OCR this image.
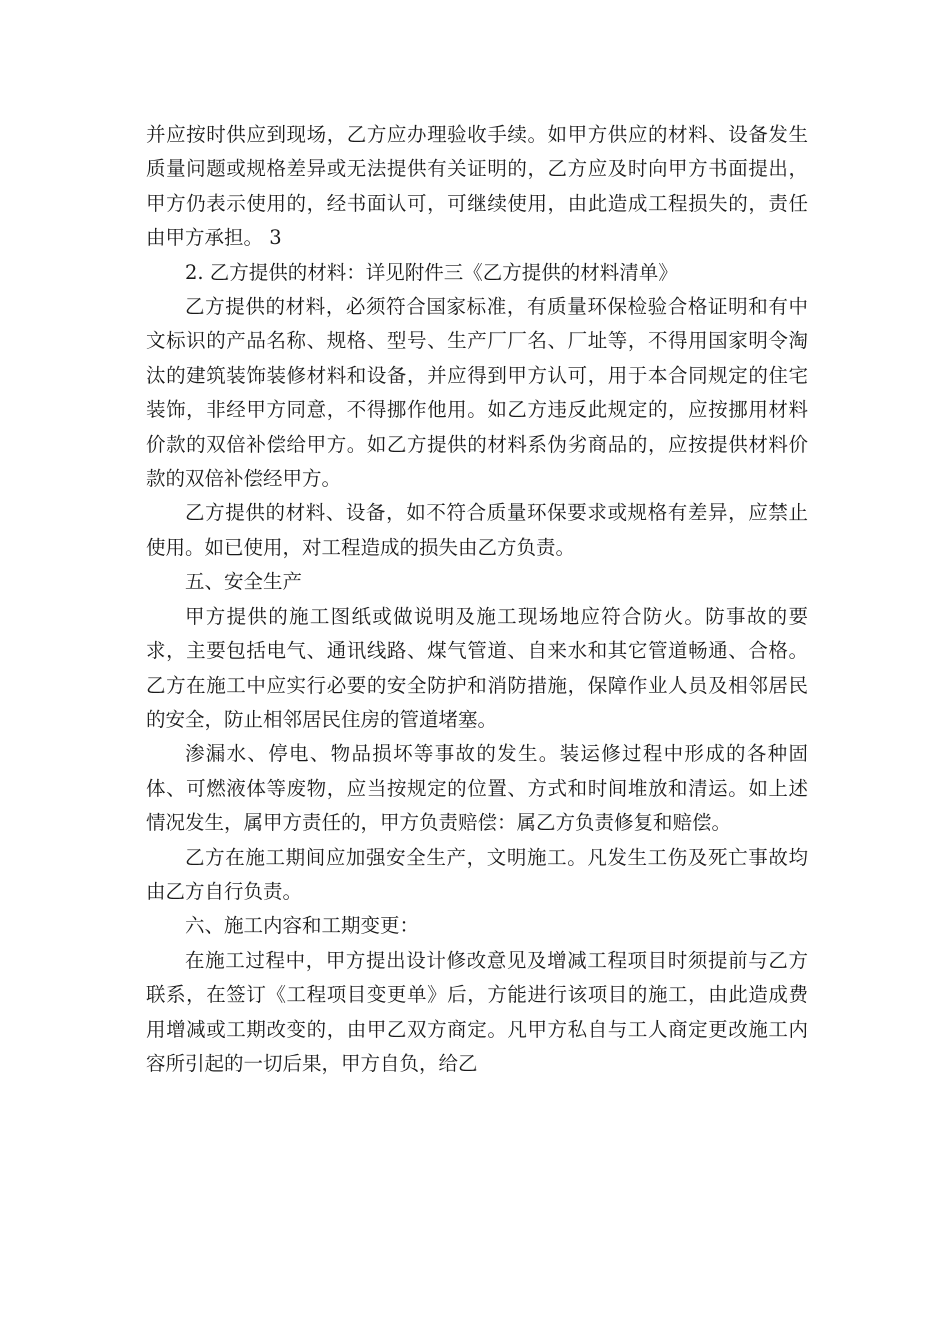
并应按时供应到现场，乙方应办理验收手续。如甲方供应的材料、设备发生质量问题或规格差异或无法提供有关证明的，乙方应及时向甲方书面提出，甲方仍表示使用的，经书面认可，可继续使用，由此造成工程损失的，责任由甲方承担。 3

2. 乙方提供的材料：详见附件三《乙方提供的材料清单》

乙方提供的材料，必须符合国家标准，有质量环保检验合格证明和有中文标识的产品名称、规格、型号、生产厂厂名、厂址等，不得用国家明令淘汰的建筑装饰装修材料和设备，并应得到甲方认可，用于本合同规定的住宅装饰，非经甲方同意，不得挪作他用。如乙方违反此规定的，应按挪用材料价款的双倍补偿给甲方。如乙方提供的材料系伪劣商品的，应按提供材料价款的双倍补偿经甲方。

乙方提供的材料、设备，如不符合质量环保要求或规格有差异，应禁止使用。如已使用，对工程造成的损失由乙方负责。

五、安全生产

甲方提供的施工图纸或做说明及施工现场地应符合防火。防事故的要求，主要包括电气、通讯线路、煤气管道、自来水和其它管道畅通、合格。乙方在施工中应实行必要的安全防护和消防措施，保障作业人员及相邻居民的安全，防止相邻居民住房的管道堵塞。

渗漏水、停电、物品损坏等事故的发生。装运修过程中形成的各种固体、可燃液体等废物，应当按规定的位置、方式和时间堆放和清运。如上述情况发生，属甲方责任的，甲方负责赔偿：属乙方负责修复和赔偿。

乙方在施工期间应加强安全生产，文明施工。凡发生工伤及死亡事故均由乙方自行负责。

六、施工内容和工期变更：

在施工过程中，甲方提出设计修改意见及增减工程项目时须提前与乙方联系，在签订《工程项目变更单》后，方能进行该项目的施工，由此造成费用增减或工期改变的，由甲乙双方商定。凡甲方私自与工人商定更改施工内容所引起的一切后果，甲方自负，给乙
